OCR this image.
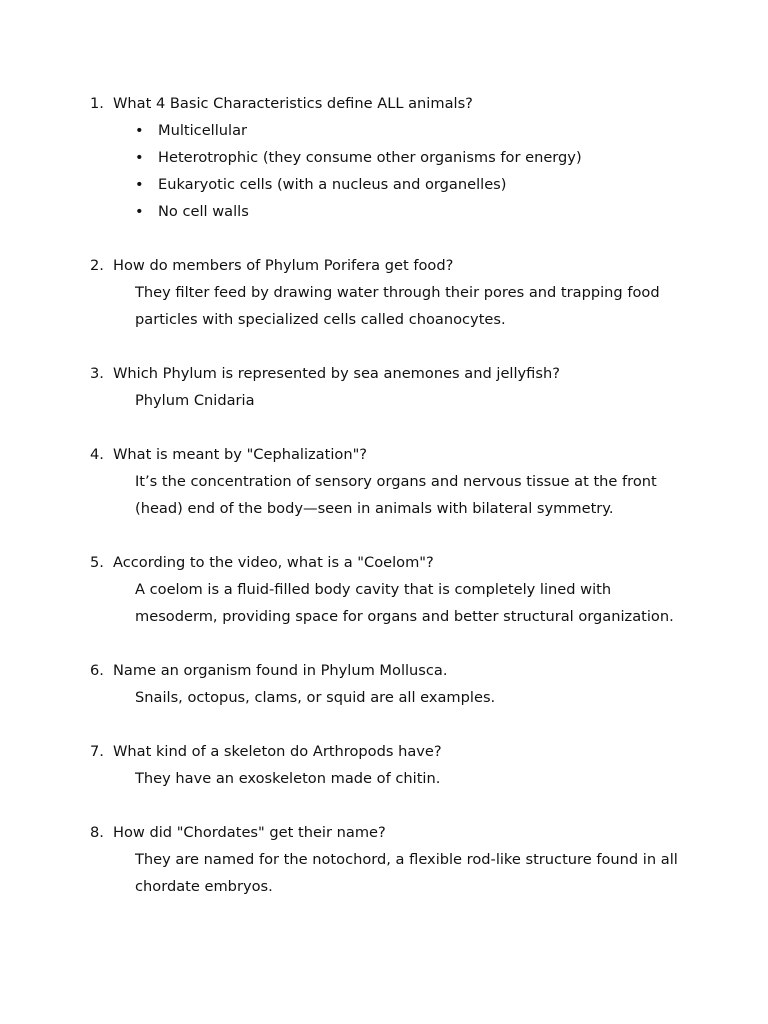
1. What 4 Basic Characteristics define ALL animals?
• Multicellular
• Heterotrophic (they consume other organisms for energy)
• Eukaryotic cells (with a nucleus and organelles)
• No cell walls
2. How do members of Phylum Porifera get food?
They filter feed by drawing water through their pores and trapping food particles with specialized cells called choanocytes.
3. Which Phylum is represented by sea anemones and jellyfish?
Phylum Cnidaria
4. What is meant by "Cephalization"?
It’s the concentration of sensory organs and nervous tissue at the front (head) end of the body—seen in animals with bilateral symmetry.
5. According to the video, what is a "Coelom"?
A coelom is a fluid-filled body cavity that is completely lined with mesoderm, providing space for organs and better structural organization.
6. Name an organism found in Phylum Mollusca.
Snails, octopus, clams, or squid are all examples.
7. What kind of a skeleton do Arthropods have?
They have an exoskeleton made of chitin.
8. How did "Chordates" get their name?
They are named for the notochord, a flexible rod-like structure found in all chordate embryos.
